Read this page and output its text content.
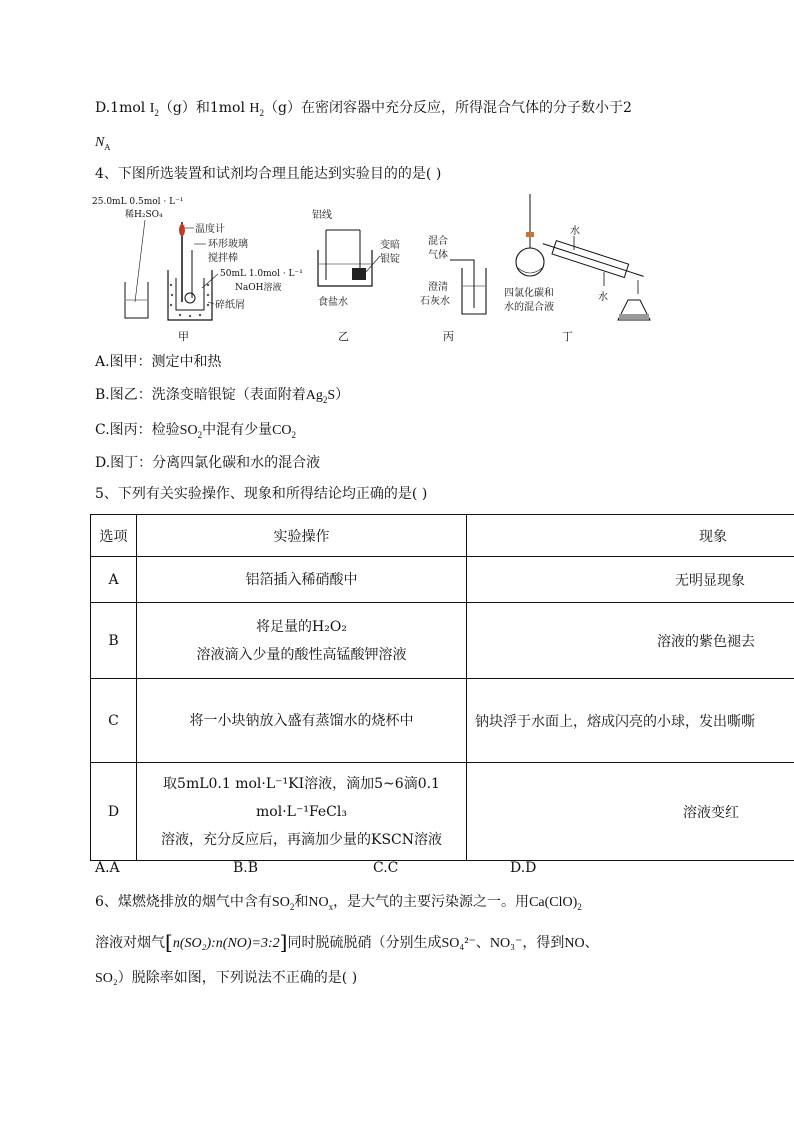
D.1mol $I_2(g)$和1mol $H_2(g)$在密闭容器中充分反应，所得混合气体的分子数小于2
$N_A$
4、下图所选装置和试剂均合理且能达到实验目的的是( )
25.0mL 0.5mol · L⁻¹
稀H₂SO₄
温度计
环形玻璃
搅拌棒
50mL 1.0mol · L⁻¹
NaOH溶液
碎纸屑
甲
铝线
变暗
银锭
食盐水
乙
混合
气体
澄清
石灰水
丙
水
四氯化碳和
水的混合液
水
丁
A.图甲：测定中和热
B.图乙：洗涤变暗银锭（表面附着$Ag_2S$）
C.图丙：检验$SO_2$中混有少量$CO_2$
D.图丁：分离四氯化碳和水的混合液
5、下列有关实验操作、现象和所得结论均正确的是( )
选项	实验操作	现象
A	铝箔插入稀硝酸中	无明显现象
B	将足量的H₂O₂
溶液滴入少量的酸性高锰酸钾溶液	溶液的紫色褪去
C	将一小块钠放入盛有蒸馏水的烧杯中	钠块浮于水面上，熔成闪亮的小球，发出嘶嘶
D	取5mL0.1 mol·L⁻¹KI溶液，滴加5~6滴0.1
mol·L⁻¹FeCl₃
溶液，充分反应后，再滴加少量的KSCN溶液	溶液变红
A.A	B.B	C.C	D.D
6、煤燃烧排放的烟气中含有$SO_2$和$NO_x$，是大气的主要污染源之一。用$Ca(ClO)_2$
溶液对烟气[n(SO₂):n(NO)=3:2]同时脱硫脱硝（分别生成SO₄²⁻、NO₃⁻，得到NO、
SO₂）脱除率如图，下列说法不正确的是( )
